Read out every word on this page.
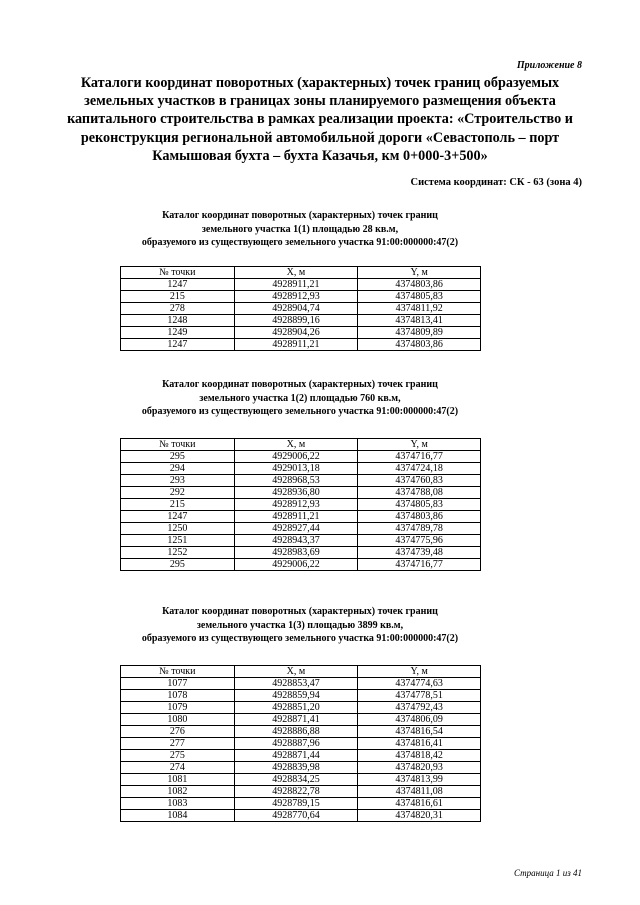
Приложение 8
Каталоги координат поворотных (характерных) точек границ образуемых
земельных участков в границах зоны планируемого размещения объекта
капитального строительства в рамках реализации проекта: «Строительство и
реконструкция региональной автомобильной дороги «Севастополь – порт
Камышовая бухта – бухта Казачья, км 0+000-3+500»
Система координат: СК - 63 (зона 4)
Каталог координат поворотных (характерных) точек границ
земельного участка 1(1) площадью 28 кв.м,
образуемого из существующего земельного участка 91:00:000000:47(2)
№ точки	X, м	Y, м
1247	4928911,21	4374803,86
215	4928912,93	4374805,83
278	4928904,74	4374811,92
1248	4928899,16	4374813,41
1249	4928904,26	4374809,89
1247	4928911,21	4374803,86
Каталог координат поворотных (характерных) точек границ
земельного участка 1(2) площадью 760 кв.м,
образуемого из существующего земельного участка 91:00:000000:47(2)
№ точки	X, м	Y, м
295	4929006,22	4374716,77
294	4929013,18	4374724,18
293	4928968,53	4374760,83
292	4928936,80	4374788,08
215	4928912,93	4374805,83
1247	4928911,21	4374803,86
1250	4928927,44	4374789,78
1251	4928943,37	4374775,96
1252	4928983,69	4374739,48
295	4929006,22	4374716,77
Каталог координат поворотных (характерных) точек границ
земельного участка 1(3) площадью 3899 кв.м,
образуемого из существующего земельного участка 91:00:000000:47(2)
№ точки	X, м	Y, м
1077	4928853,47	4374774,63
1078	4928859,94	4374778,51
1079	4928851,20	4374792,43
1080	4928871,41	4374806,09
276	4928886,88	4374816,54
277	4928887,96	4374816,41
275	4928871,44	4374818,42
274	4928839,98	4374820,93
1081	4928834,25	4374813,99
1082	4928822,78	4374811,08
1083	4928789,15	4374816,61
1084	4928770,64	4374820,31
Страница 1 из 41
